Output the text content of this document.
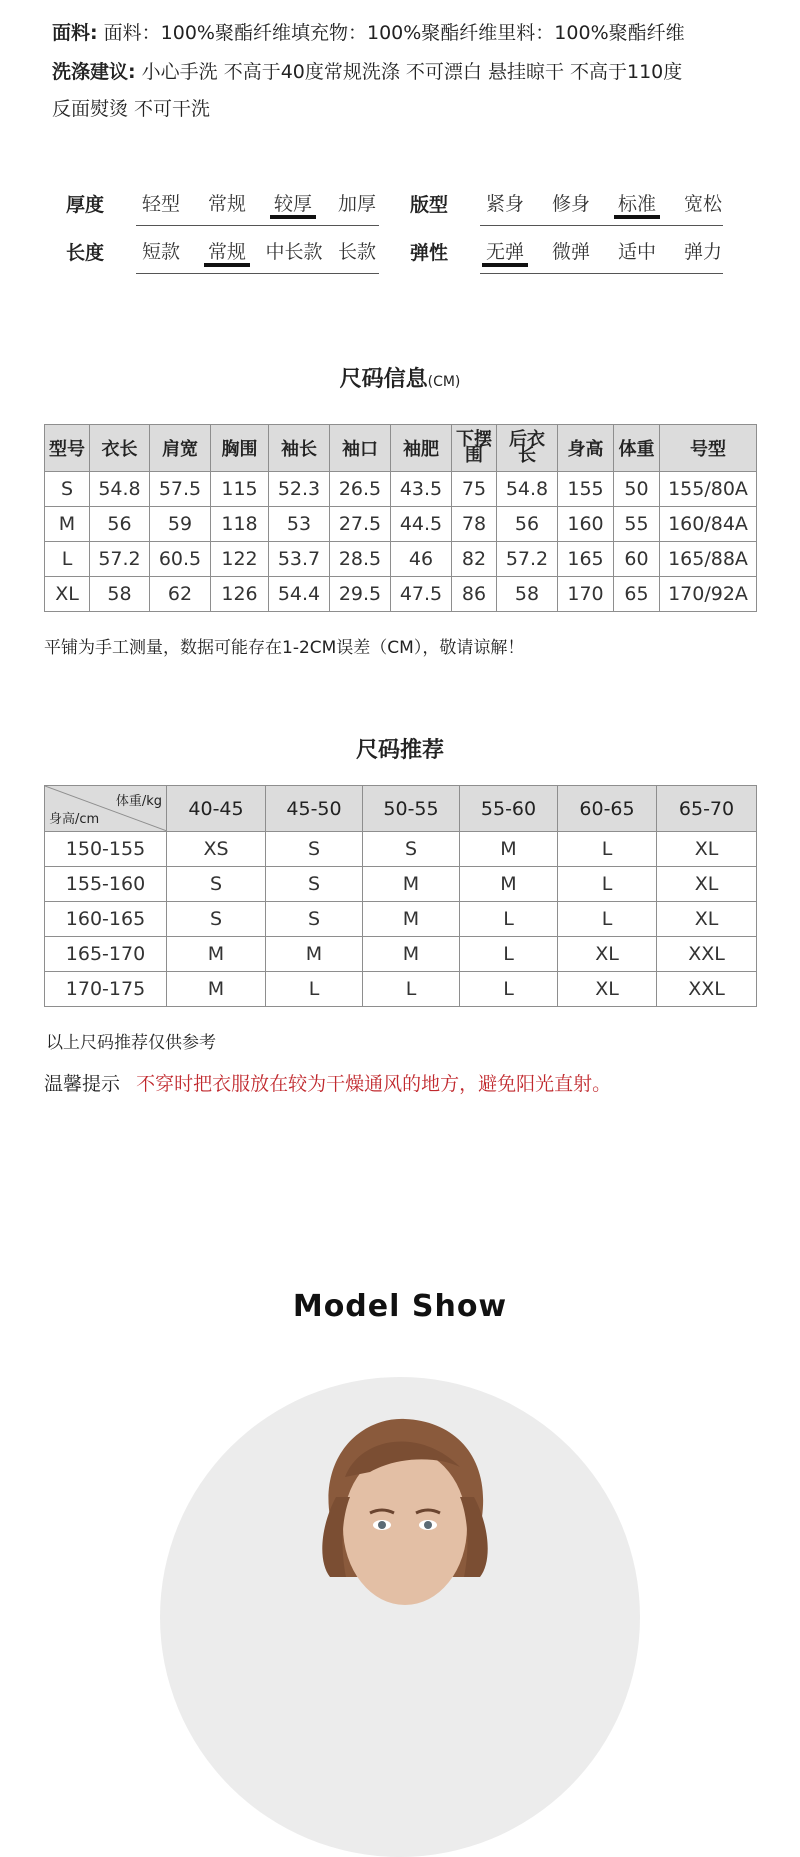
面料: 面料：100%聚酯纤维填充物：100%聚酯纤维里料：100%聚酯纤维
洗涤建议: 小心手洗 不高于40度常规洗涤 不可漂白 悬挂晾干 不高于110度
反面熨烫 不可干洗
厚度 轻型 常规 较厚 加厚 版型 紧身 修身 标准 宽松
长度 短款 常规 中长款 长款 弹性 无弹 微弹 适中 弹力
尺码信息(CM)
型号	衣长	肩宽	胸围	袖长	袖口	袖肥	下摆围	后衣长	身高	体重	号型
S	54.8	57.5	115	52.3	26.5	43.5	75	54.8	155	50	155/80A
M	56	59	118	53	27.5	44.5	78	56	160	55	160/84A
L	57.2	60.5	122	53.7	28.5	46	82	57.2	165	60	165/88A
XL	58	62	126	54.4	29.5	47.5	86	58	170	65	170/92A
平铺为手工测量，数据可能存在1-2CM误差（CM），敬请谅解！
尺码推荐
体重/kg
身高/cm	40-45	45-50	50-55	55-60	60-65	65-70
150-155	XS	S	S	M	L	XL
155-160	S	S	M	M	L	XL
160-165	S	S	M	L	L	XL
165-170	M	M	M	L	XL	XXL
170-175	M	L	L	L	XL	XXL
以上尺码推荐仅供参考
温馨提示 不穿时把衣服放在较为干燥通风的地方，避免阳光直射。
Model Show
